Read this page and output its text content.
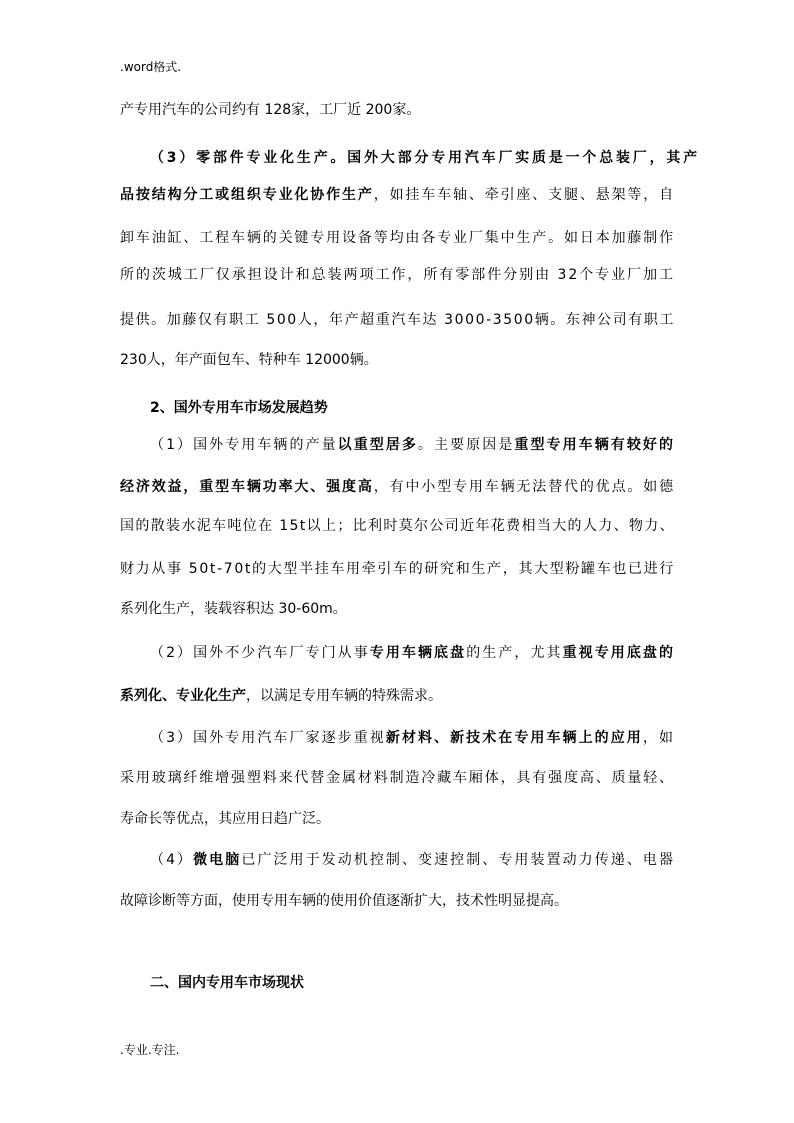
.word格式.
产专用汽车的公司约有 128家，工厂近 200家。
（3）零部件专业化生产。国外大部分专用汽车厂实质是一个总装厂，其产
品按结构分工或组织专业化协作生产，如挂车车轴、牵引座、支腿、悬架等，自
卸车油缸、工程车辆的关键专用设备等均由各专业厂集中生产。如日本加藤制作
所的茨城工厂仅承担设计和总装两项工作，所有零部件分别由 32个专业厂加工
提供。加藤仅有职工 500人，年产超重汽车达 3000-3500辆。东神公司有职工
230人，年产面包车、特种车 12000辆。
2、国外专用车市场发展趋势
（1）国外专用车辆的产量以重型居多。主要原因是重型专用车辆有较好的
经济效益，重型车辆功率大、强度高，有中小型专用车辆无法替代的优点。如德
国的散装水泥车吨位在 15t以上；比利时莫尔公司近年花费相当大的人力、物力、
财力从事 50t-70t的大型半挂车用牵引车的研究和生产，其大型粉罐车也已进行
系列化生产，装载容积达 30-60m。
（2）国外不少汽车厂专门从事专用车辆底盘的生产，尤其重视专用底盘的
系列化、专业化生产，以满足专用车辆的特殊需求。
（3）国外专用汽车厂家逐步重视新材料、新技术在专用车辆上的应用，如
采用玻璃纤维增强塑料来代替金属材料制造冷藏车厢体，具有强度高、质量轻、
寿命长等优点，其应用日趋广泛。
（4）微电脑已广泛用于发动机控制、变速控制、专用装置动力传递、电器
故障诊断等方面，使用专用车辆的使用价值逐渐扩大，技术性明显提高。
二、国内专用车市场现状
.专业.专注.
